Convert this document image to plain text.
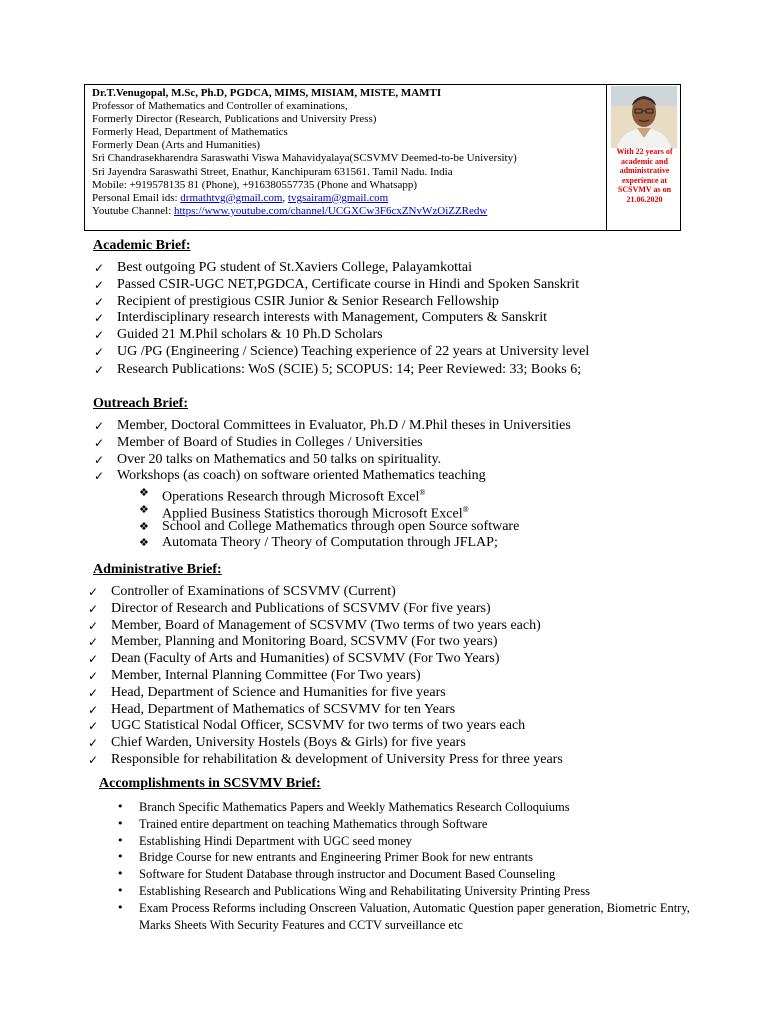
Dr.T.Venugopal, M.Sc, Ph.D, PGDCA, MIMS, MISIAM, MISTE, MAMTI
Professor of Mathematics and Controller of examinations,
Formerly Director (Research, Publications and University Press)
Formerly Head, Department of Mathematics
Formerly Dean (Arts and Humanities)
Sri Chandrasekharendra Saraswathi Viswa Mahavidyalaya(SCSVMV Deemed-to-be University)
Sri Jayendra Saraswathi Street, Enathur, Kanchipuram 631561. Tamil Nadu. India
Mobile: +919578135 81 (Phone), +916380557735 (Phone and Whatsapp)
Personal Email ids: drmathtvg@gmail.com, tvgsairam@gmail.com
Youtube Channel: https://www.youtube.com/channel/UCGXCw3F6cxZNvWzOiZZRedw
With 22 years of academic and administrative experience at SCSVMV as on 21.06.2020
Academic Brief:
✓ Best outgoing PG student of St.Xaviers College, Palayamkottai
✓ Passed CSIR-UGC NET,PGDCA, Certificate course in Hindi and Spoken Sanskrit
✓ Recipient of prestigious CSIR Junior & Senior Research Fellowship
✓ Interdisciplinary research interests with Management, Computers & Sanskrit
✓ Guided 21 M.Phil scholars & 10 Ph.D Scholars
✓ UG /PG (Engineering / Science) Teaching experience of 22 years at University level
✓ Research Publications: WoS (SCIE) 5; SCOPUS: 14; Peer Reviewed: 33; Books 6;
Outreach Brief:
✓ Member, Doctoral Committees in Evaluator, Ph.D / M.Phil theses in Universities
✓ Member of Board of Studies in Colleges / Universities
✓ Over 20 talks on Mathematics and 50 talks on spirituality.
✓ Workshops (as coach) on software oriented Mathematics teaching
❖ Operations Research through Microsoft Excel®
❖ Applied Business Statistics thorough Microsoft Excel®
❖ School and College Mathematics through open Source software
❖ Automata Theory / Theory of Computation through JFLAP;
Administrative Brief:
✓ Controller of Examinations of SCSVMV (Current)
✓ Director of Research and Publications of SCSVMV (For five years)
✓ Member, Board of Management of SCSVMV (Two terms of two years each)
✓ Member, Planning and Monitoring Board, SCSVMV (For two years)
✓ Dean (Faculty of Arts and Humanities) of SCSVMV (For Two Years)
✓ Member, Internal Planning Committee (For Two years)
✓ Head, Department of Science and Humanities for five years
✓ Head, Department of Mathematics of SCSVMV for ten Years
✓ UGC Statistical Nodal Officer, SCSVMV for two terms of two years each
✓ Chief Warden, University Hostels (Boys & Girls) for five years
✓ Responsible for rehabilitation & development of University Press for three years
Accomplishments in SCSVMV Brief:
• Branch Specific Mathematics Papers and Weekly Mathematics Research Colloquiums
• Trained entire department on teaching Mathematics through Software
• Establishing Hindi Department with UGC seed money
• Bridge Course for new entrants and Engineering Primer Book for new entrants
• Software for Student Database through instructor and Document Based Counseling
• Establishing Research and Publications Wing and Rehabilitating University Printing Press
• Exam Process Reforms including Onscreen Valuation, Automatic Question paper generation, Biometric Entry, Marks Sheets With Security Features and CCTV surveillance etc
